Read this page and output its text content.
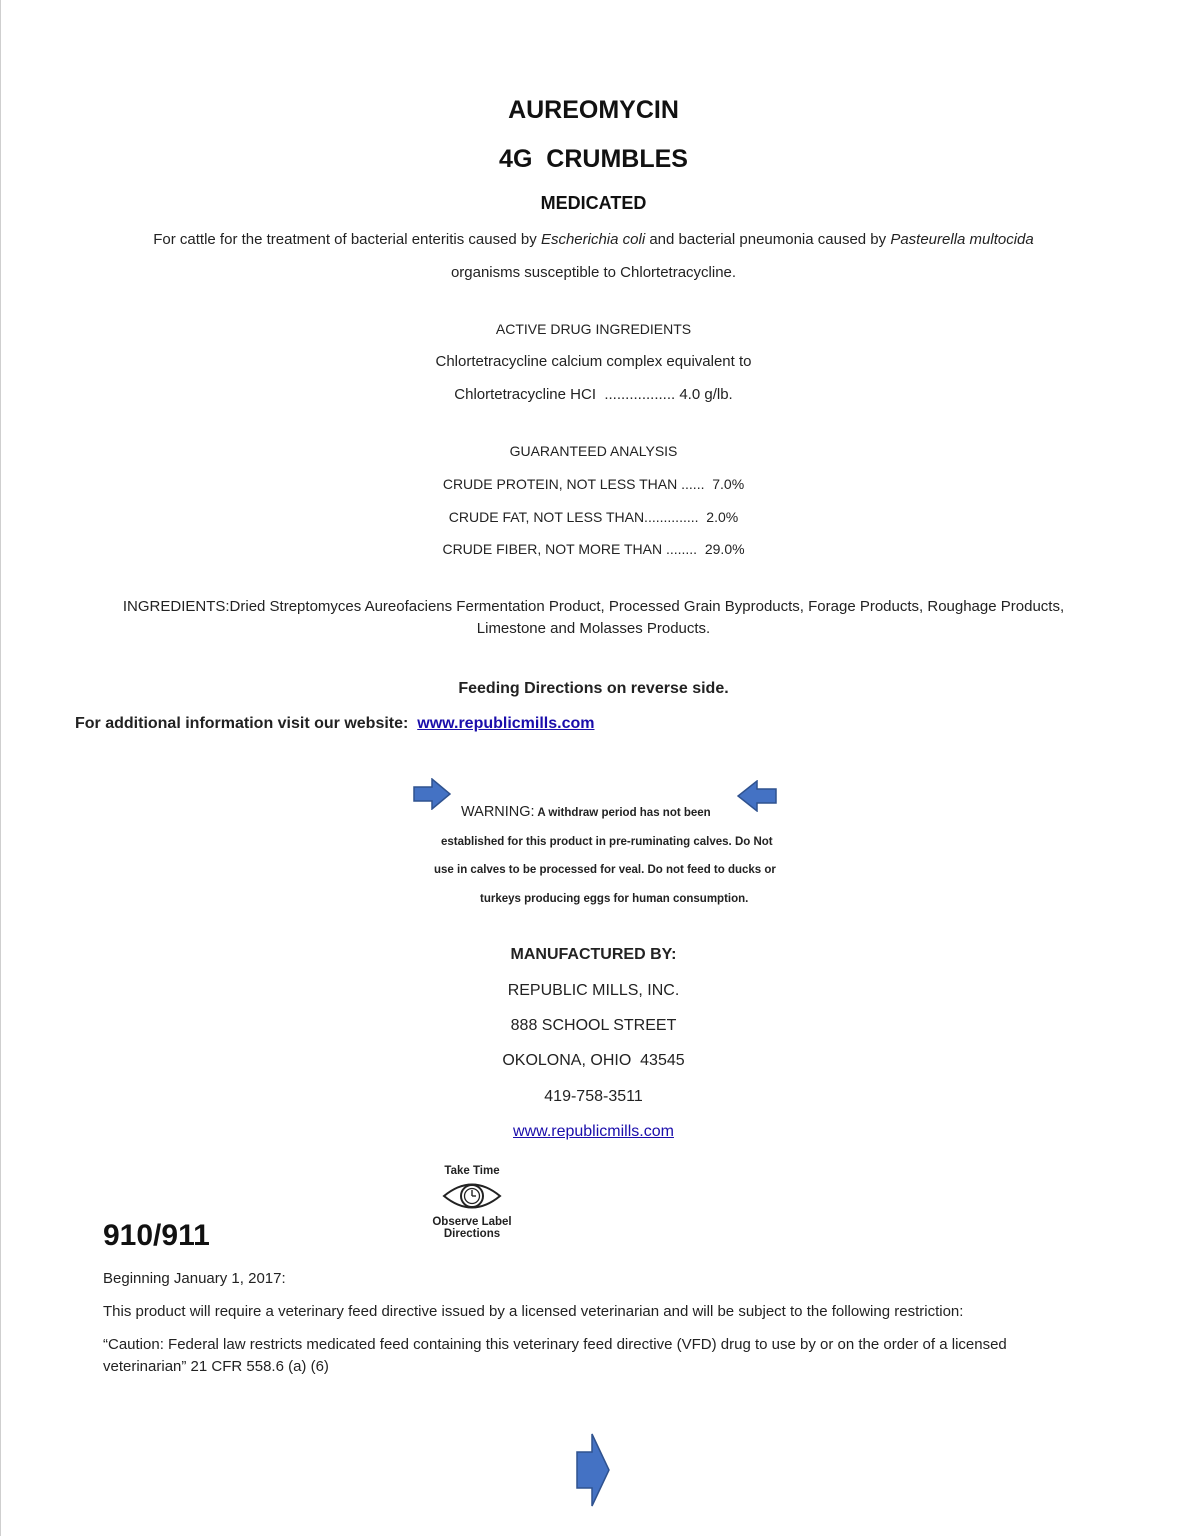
AUREOMYCIN
4G  CRUMBLES
MEDICATED
For cattle for the treatment of bacterial enteritis caused by Escherichia coli and bacterial pneumonia caused by Pasteurella multocida
organisms susceptible to Chlortetracycline.
ACTIVE DRUG INGREDIENTS
Chlortetracycline calcium complex equivalent to
Chlortetracycline HCI  ................. 4.0 g/lb.
GUARANTEED ANALYSIS
CRUDE PROTEIN, NOT LESS THAN ......  7.0%
CRUDE FAT, NOT LESS THAN..............  2.0%
CRUDE FIBER, NOT MORE THAN ........  29.0%
INGREDIENTS:Dried Streptomyces Aureofaciens Fermentation Product, Processed Grain Byproducts, Forage Products, Roughage Products,
Limestone and Molasses Products.
Feeding Directions on reverse side.
For additional information visit our website: www.republicmills.com
WARNING: A withdraw period has not been
established for this product in pre-ruminating calves. Do Not
use in calves to be processed for veal. Do not feed to ducks or
turkeys producing eggs for human consumption.
MANUFACTURED BY:
REPUBLIC MILLS, INC.
888 SCHOOL STREET
OKOLONA, OHIO  43545
419-758-3511
www.republicmills.com
Take Time
Observe Label
Directions
910/911
Beginning January 1, 2017:
This product will require a veterinary feed directive issued by a licensed veterinarian and will be subject to the following restriction:
“Caution: Federal law restricts medicated feed containing this veterinary feed directive (VFD) drug to use by or on the order of a licensed
veterinarian” 21 CFR 558.6 (a) (6)
